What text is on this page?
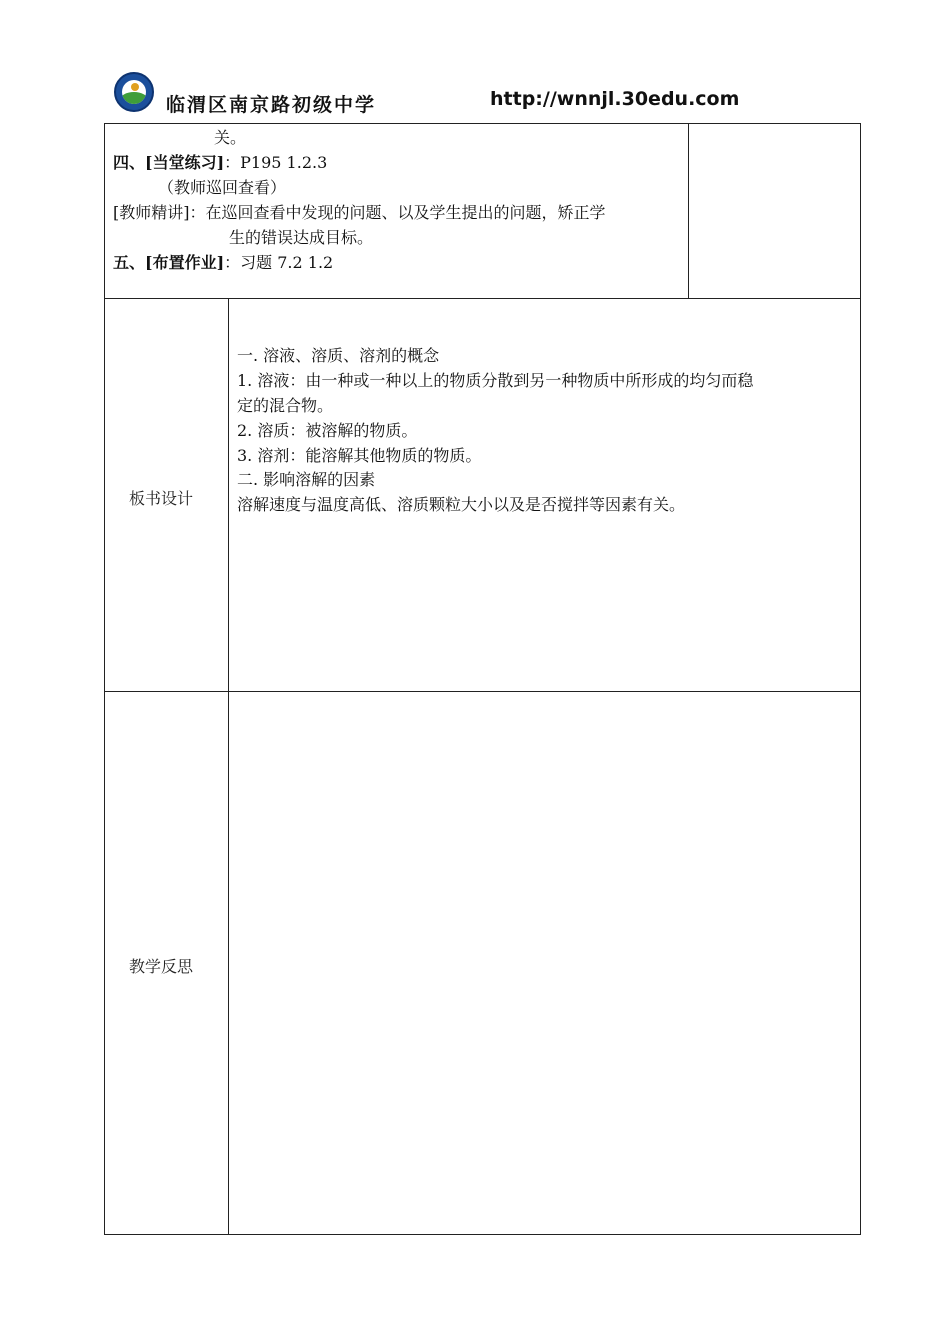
临渭区南京路初级中学	http://wnnjl.30edu.com
关。
四、[当堂练习]：P195 1.2.3
（教师巡回查看）
[教师精讲]：在巡回查看中发现的问题、以及学生提出的问题，矫正学
生的错误达成目标。
五、[布置作业]：习题 7.2 1.2
板书设计
一. 溶液、溶质、溶剂的概念
1. 溶液：由一种或一种以上的物质分散到另一种物质中所形成的均匀而稳
定的混合物。
2. 溶质：被溶解的物质。
3. 溶剂：能溶解其他物质的物质。
二. 影响溶解的因素
溶解速度与温度高低、溶质颗粒大小以及是否搅拌等因素有关。
教学反思
